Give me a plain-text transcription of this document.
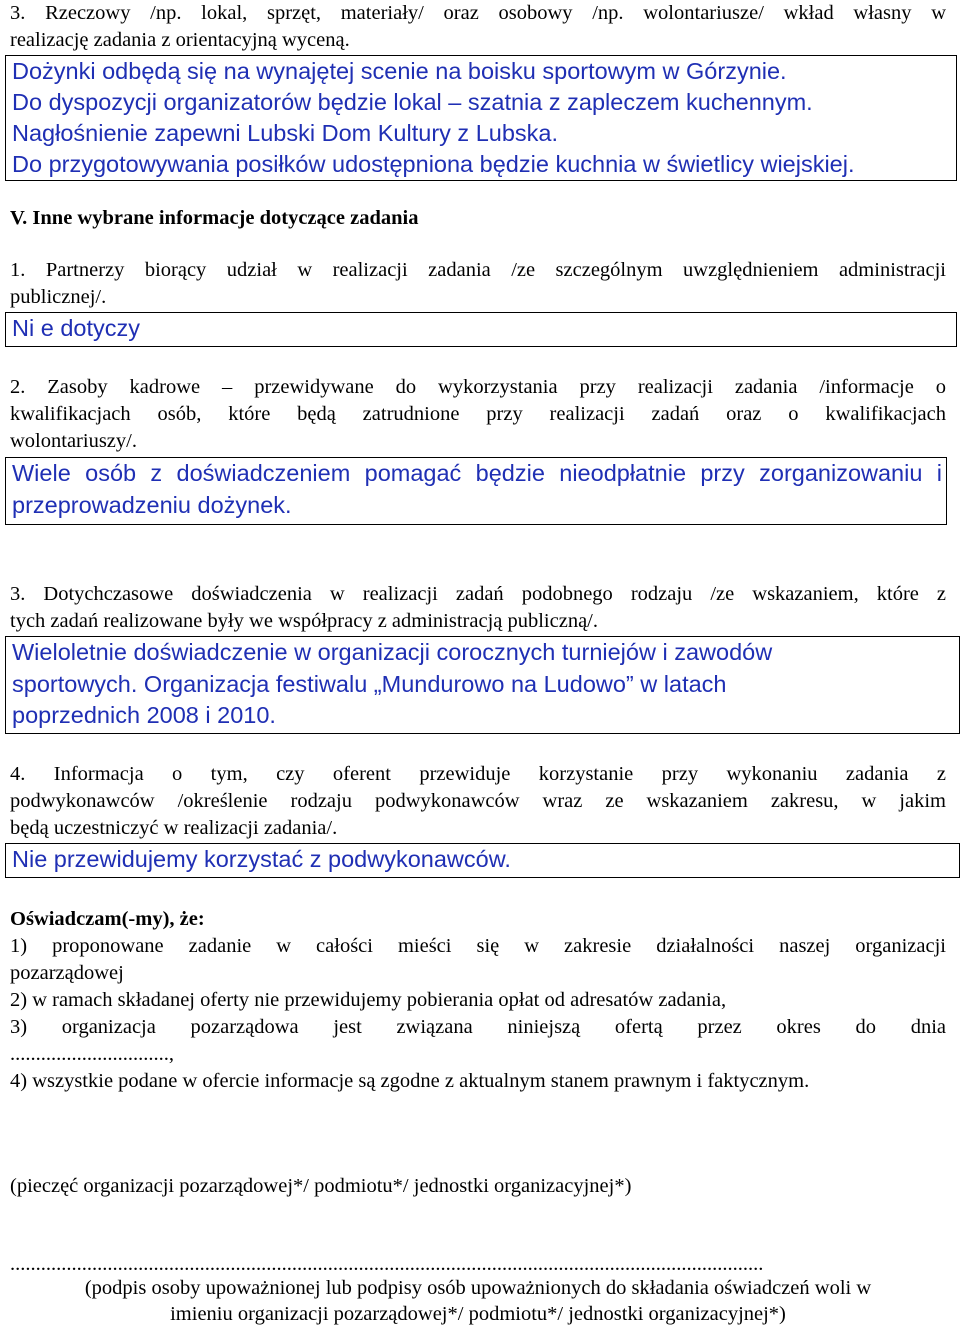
3. Rzeczowy /np. lokal, sprzęt, materiały/ oraz osobowy /np. wolontariusze/ wkład własny w

realizację zadania z orientacyjną wyceną.

Dożynki odbędą się na wynajętej scenie na boisku sportowym w Górzynie.
Do dyspozycji organizatorów będzie lokal – szatnia z zapleczem kuchennym.
Nagłośnienie zapewni Lubski Dom Kultury z Lubska.
Do przygotowywania posiłków udostępniona będzie kuchnia w świetlicy wiejskiej.

V. Inne wybrane informacje dotyczące zadania

1. Partnerzy biorący udział w realizacji zadania /ze szczególnym uwzględnieniem administracji

publicznej/.

Ni e dotyczy

2. Zasoby kadrowe – przewidywane do wykorzystania przy realizacji zadania /informacje o

kwalifikacjach osób, które będą zatrudnione przy realizacji zadań oraz o kwalifikacjach

wolontariuszy/.

Wiele osób z doświadczeniem pomagać będzie nieodpłatnie przy zorganizowaniu i
przeprowadzeniu dożynek.

3. Dotychczasowe doświadczenia w realizacji zadań podobnego rodzaju /ze wskazaniem, które z

tych zadań realizowane były we współpracy z administracją publiczną/.

Wieloletnie doświadczenie w organizacji corocznych turniejów i zawodów
sportowych. Organizacja festiwalu „Mundurowo na Ludowo” w latach
poprzednich 2008 i 2010.

4. Informacja o tym, czy oferent przewiduje korzystanie przy wykonaniu zadania z

podwykonawców /określenie rodzaju podwykonawców wraz ze wskazaniem zakresu, w jakim

będą uczestniczyć w realizacji zadania/.

Nie przewidujemy korzystać z podwykonawców.

Oświadczam(-my), że:

1) proponowane zadanie w całości mieści się w zakresie działalności naszej organizacji

pozarządowej

2) w ramach składanej oferty nie przewidujemy pobierania opłat od adresatów zadania,

3) organizacja pozarządowa jest związana niniejszą ofertą przez okres do dnia

...............................,

4) wszystkie podane w ofercie informacje są zgodne z aktualnym stanem prawnym i faktycznym.

(pieczęć organizacji pozarządowej*/ podmiotu*/ jednostki organizacyjnej*)

...................................................................................................................................................

(podpis osoby upoważnionej lub podpisy osób upoważnionych do składania oświadczeń woli w

imieniu organizacji pozarządowej*/ podmiotu*/ jednostki organizacyjnej*)
